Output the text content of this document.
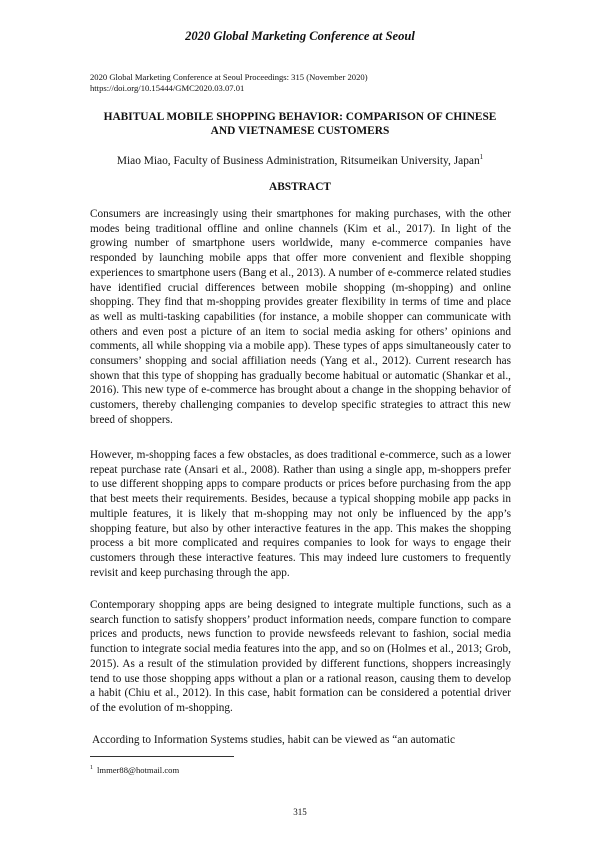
2020 Global Marketing Conference at Seoul
2020 Global Marketing Conference at Seoul Proceedings: 315 (November 2020)
https://doi.org/10.15444/GMC2020.03.07.01
HABITUAL MOBILE SHOPPING BEHAVIOR: COMPARISON OF CHINESE
AND VIETNAMESE CUSTOMERS
Miao Miao, Faculty of Business Administration, Ritsumeikan University, Japan$^1$
ABSTRACT

Consumers are increasingly using their smartphones for making purchases, with the other modes being traditional offline and online channels (Kim et al., 2017). In light of the growing number of smartphone users worldwide, many e-commerce companies have responded by launching mobile apps that offer more convenient and flexible shopping experiences to smartphone users (Bang et al., 2013). A number of e-commerce related studies have identified crucial differences between mobile shopping (m-shopping) and online shopping. They find that m-shopping provides greater flexibility in terms of time and place as well as multi-tasking capabilities (for instance, a mobile shopper can communicate with others and even post a picture of an item to social media asking for others’ opinions and comments, all while shopping via a mobile app). These types of apps simultaneously cater to consumers’ shopping and social affiliation needs (Yang et al., 2012). Current research has shown that this type of shopping has gradually become habitual or automatic (Shankar et al., 2016). This new type of e-commerce has brought about a change in the shopping behavior of customers, thereby challenging companies to develop specific strategies to attract this new breed of shoppers.

However, m-shopping faces a few obstacles, as does traditional e-commerce, such as a lower repeat purchase rate (Ansari et al., 2008). Rather than using a single app, m-shoppers prefer to use different shopping apps to compare products or prices before purchasing from the app that best meets their requirements. Besides, because a typical shopping mobile app packs in multiple features, it is likely that m-shopping may not only be influenced by the app’s shopping feature, but also by other interactive features in the app. This makes the shopping process a bit more complicated and requires companies to look for ways to engage their customers through these interactive features. This may indeed lure customers to frequently revisit and keep purchasing through the app.

Contemporary shopping apps are being designed to integrate multiple functions, such as a search function to satisfy shoppers’ product information needs, compare function to compare prices and products, news function to provide newsfeeds relevant to fashion, social media function to integrate social media features into the app, and so on (Holmes et al., 2013; Grob, 2015). As a result of the stimulation provided by different functions, shoppers increasingly tend to use those shopping apps without a plan or a rational reason, causing them to develop a habit (Chiu et al., 2012). In this case, habit formation can be considered a potential driver of the evolution of m-shopping.

According to Information Systems studies, habit can be viewed as “an automatic

$^1$ lmmer88@hotmail.com
315
